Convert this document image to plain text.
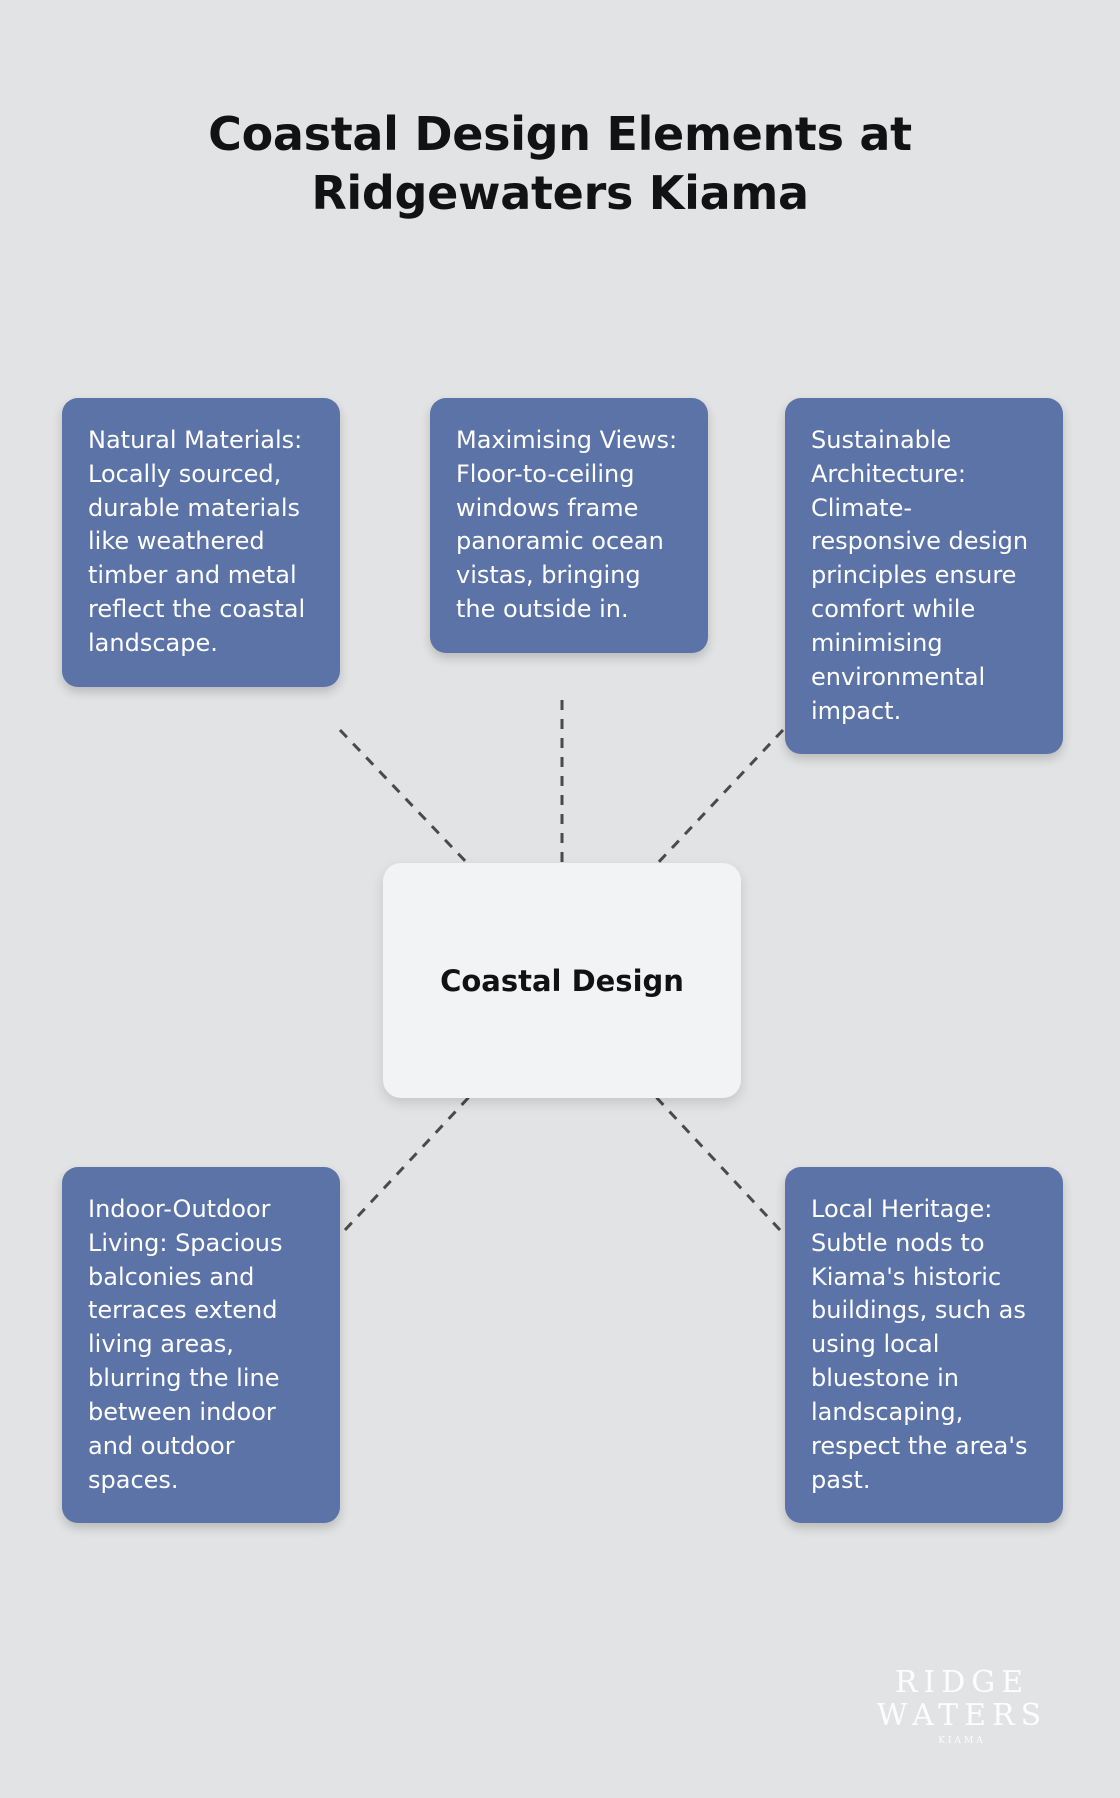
Coastal Design Elements at
Ridgewaters Kiama
Natural Materials: Locally sourced, durable materials like weathered timber and metal reflect the coastal landscape.
Maximising Views: Floor-to-ceiling windows frame panoramic ocean vistas, bringing the outside in.
Sustainable Architecture: Climate-responsive design principles ensure comfort while minimising environmental impact.
Coastal Design
Indoor-Outdoor Living: Spacious balconies and terraces extend living areas, blurring the line between indoor and outdoor spaces.
Local Heritage: Subtle nods to Kiama's historic buildings, such as using local bluestone in landscaping, respect the area's past.
RIDGE
WATERS
KIAMA
